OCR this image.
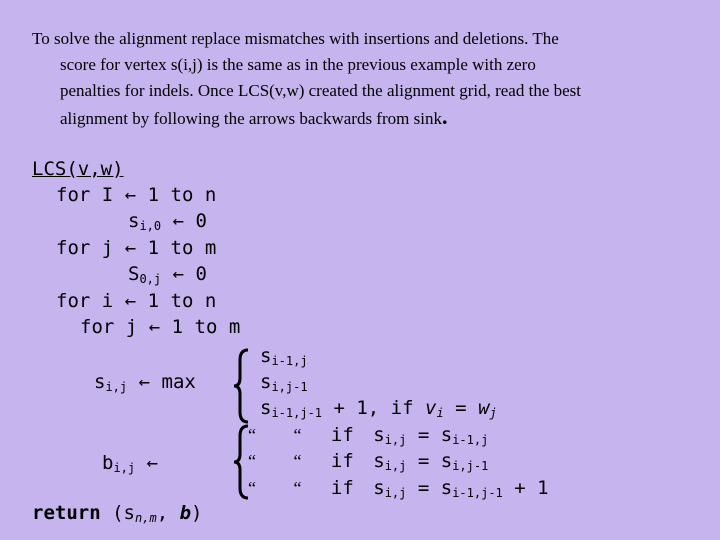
To solve the alignment replace mismatches with insertions and deletions. The
score for vertex s(i,j) is the same as in the previous example with zero
penalties for indels. Once LCS(v,w) created the alignment grid, read the best
alignment by following the arrows backwards from sink.
LCS(v,w)
for I ← 1 to n
$s_{i,0}$ ← 0
for j ← 1 to m
$S_{0,j}$ ← 0
for i ← 1 to n
for j ← 1 to m
$s_{i,j}$ ← max
$s_{i-1,j}$
$s_{i,j-1}$
$s_{i-1,j-1} + 1$, if $v_i = w_j$
$b_{i,j}$ ←
“ “ if $s_{i,j} = s_{i-1,j}$
“ “ if $s_{i,j} = s_{i,j-1}$
“ “ if $s_{i,j} = s_{i-1,j-1} + 1$
return ($s_{n,m}$, b)
